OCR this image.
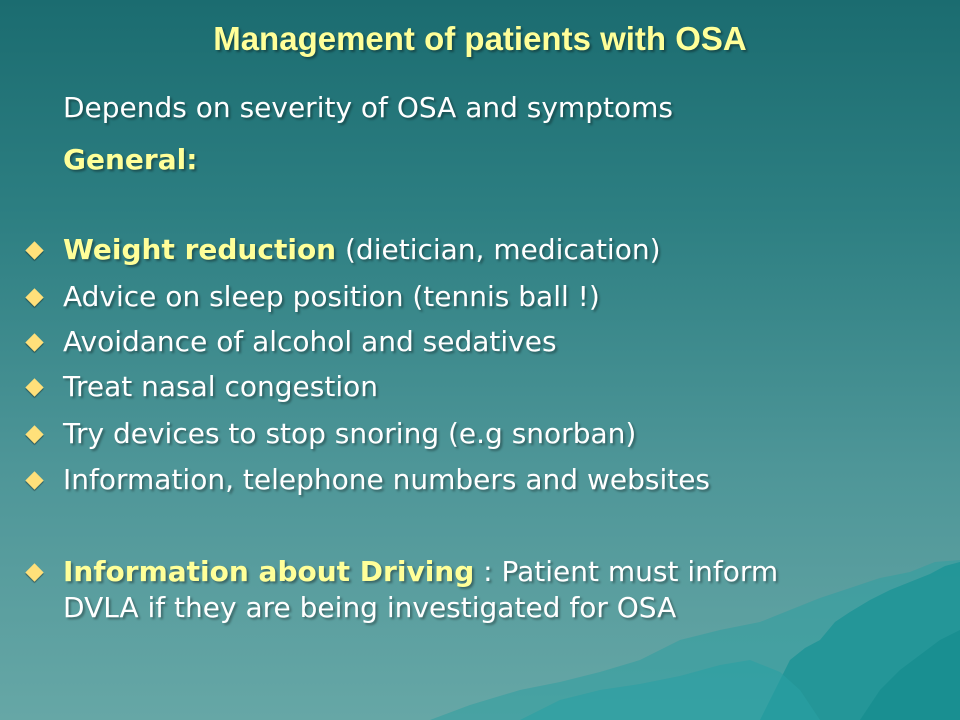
Management of patients with OSA
Depends on severity of OSA and symptoms
General:
Weight reduction (dietician, medication)
Advice on sleep position (tennis ball !)
Avoidance of alcohol and sedatives
Treat nasal congestion
Try devices to stop snoring (e.g snorban)
Information, telephone numbers and websites
Information about Driving : Patient must inform
DVLA if they are being investigated for OSA
